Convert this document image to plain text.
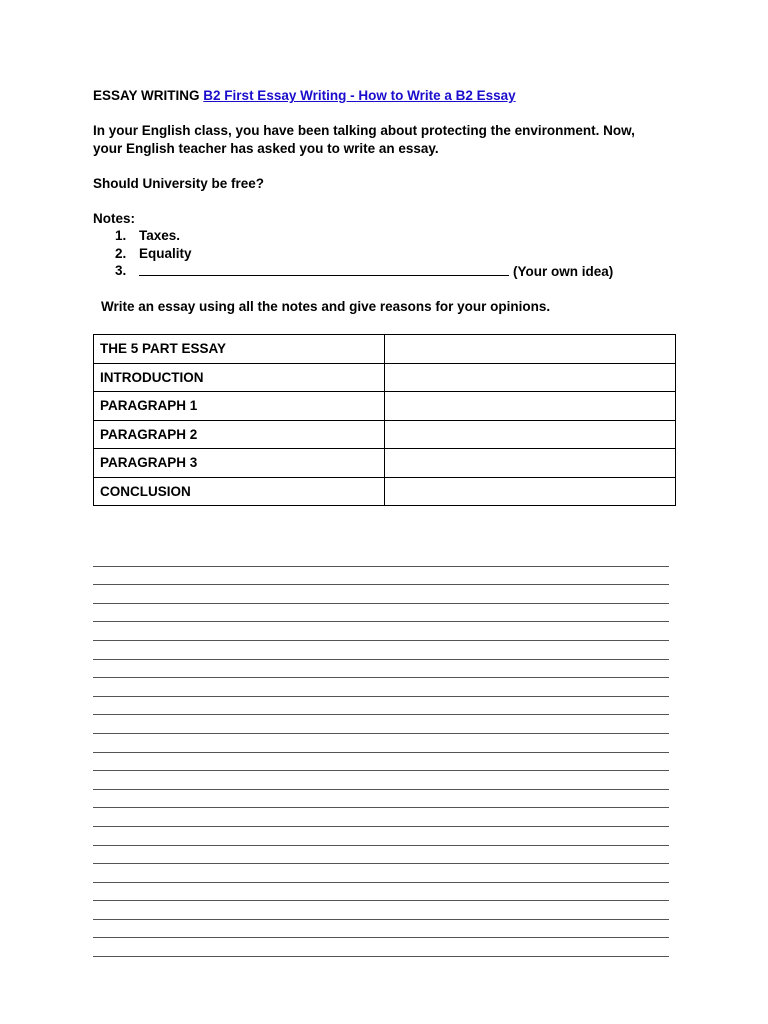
ESSAY WRITING B2 First Essay Writing - How to Write a B2 Essay
In your English class, you have been talking about protecting the environment. Now,
your English teacher has asked you to write an essay.
Should University be free?
Notes:
1. Taxes.
2. Equality
3.	(Your own idea)
Write an essay using all the notes and give reasons for your opinions.
THE 5 PART ESSAY	
INTRODUCTION	
PARAGRAPH 1	
PARAGRAPH 2	
PARAGRAPH 3	
CONCLUSION	
